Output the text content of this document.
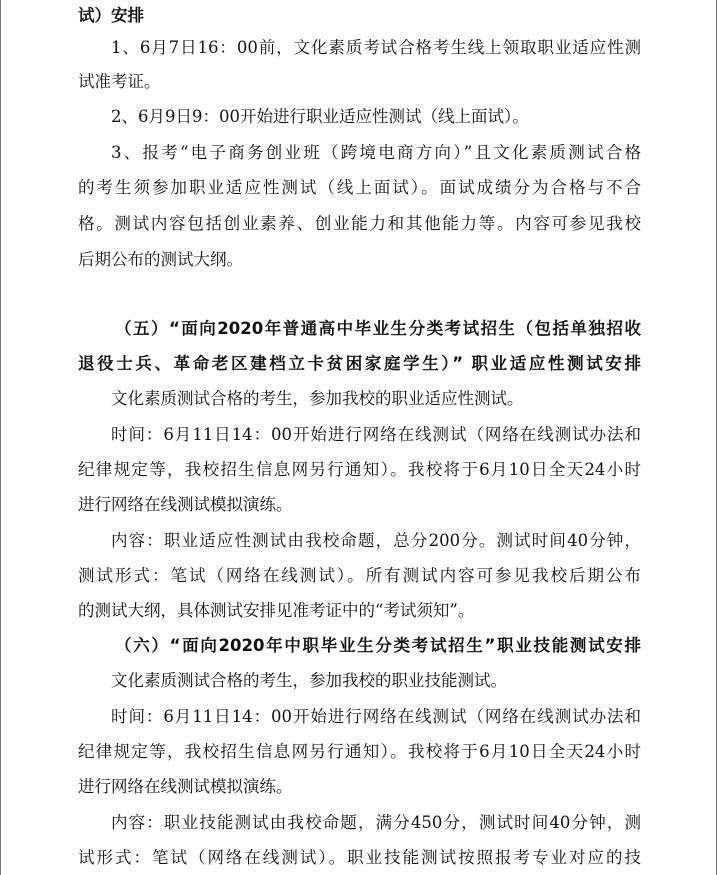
试）安排
1、6月7日16：00前，文化素质考试合格考生线上领取职业适应性测
试准考证。
2、6月9日9：00开始进行职业适应性测试（线上面试）。
3、报考“电子商务创业班（跨境电商方向）”且文化素质测试合格
的考生须参加职业适应性测试（线上面试）。面试成绩分为合格与不合
格。测试内容包括创业素养、创业能力和其他能力等。内容可参见我校
后期公布的测试大纲。
（五）“面向2020年普通高中毕业生分类考试招生（包括单独招收
退役士兵、革命老区建档立卡贫困家庭学生）” 职业适应性测试安排
文化素质测试合格的考生，参加我校的职业适应性测试。
时间：6月11日14：00开始进行网络在线测试（网络在线测试办法和
纪律规定等，我校招生信息网另行通知）。我校将于6月10日全天24小时
进行网络在线测试模拟演练。
内容：职业适应性测试由我校命题，总分200分。测试时间40分钟，
测试形式：笔试（网络在线测试）。所有测试内容可参见我校后期公布
的测试大纲，具体测试安排见准考证中的“考试须知”。
（六）“面向2020年中职毕业生分类考试招生”职业技能测试安排
文化素质测试合格的考生，参加我校的职业技能测试。
时间：6月11日14：00开始进行网络在线测试（网络在线测试办法和
纪律规定等，我校招生信息网另行通知）。我校将于6月10日全天24小时
进行网络在线测试模拟演练。
内容：职业技能测试由我校命题，满分450分，测试时间40分钟，测
试形式：笔试（网络在线测试）。职业技能测试按照报考专业对应的技
